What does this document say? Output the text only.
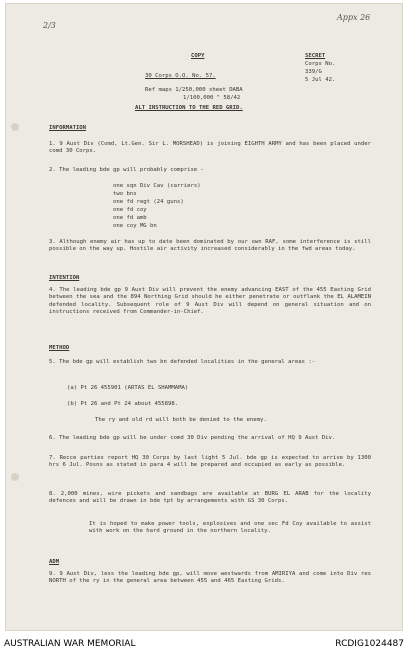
2/3
Appx 26
COPY	SECRET
Corps No.
339/G
5 Jul 42.
30 Corps O.O. No. 57.
Ref maps 1/250,000 sheet DABA
1/100,000 " 58/42
ALT INSTRUCTION TO THE RED GRID.
INFORMATION
1. 9 Aust Div (Comd, Lt.Gen. Sir L. MORSHEAD) is joining EIGHTH ARMY and has been placed under comd 30 Corps.
2. The leading bde gp will probably comprise -
one sqn Div Cav (carriers)
two bns
one fd regt (24 guns)
one fd coy
one fd amb
one coy MG bn
3. Although enemy air has up to date been dominated by our own RAF, some interference is still possible on the way up. Hostile air activity increased considerably in the fwd areas today.
INTENTION
4. The leading bde gp 9 Aust Div will prevent the enemy advancing EAST of the 455 Easting Grid between the sea and the 894 Northing Grid should he either penetrate or outflank the EL ALAMEIN defended locality. Subsequent role of 9 Aust Div will depend on general situation and on instructions received from Commander-in-Chief.
METHOD
5. The bde gp will establish two bn defended localities in the general areas :-
(a) Pt 26 455901 (ARTAS EL SHAMMAMA)
(b) Pt 26 and Pt 24 about 455898.
The ry and old rd will both be denied to the enemy.
6. The leading bde gp will be under comd 30 Div pending the arrival of HQ 9 Aust Div.
7. Recce parties report HQ 30 Corps by last light 5 Jul. bde gp is expected to arrive by 1300 hrs 6 Jul. Posns as stated in para 4 will be prepared and occupied as early as possible.
8. 2,000 mines, wire pickets and sandbags are available at BURG EL ARAB for the locality defences and will be drawn in bde tpt by arrangements with GS 30 Corps.
It is hoped to make power tools, explosives and one sec Fd Coy available to assist with work on the hard ground in the northern locality.
ADM
9. 9 Aust Div, less the leading bde gp, will move westwards from AMIRIYA and come into Div res NORTH of the ry in the general area between 455 and 465 Easting Grids.
AUSTRALIAN WAR MEMORIAL	RCDIG1024487
